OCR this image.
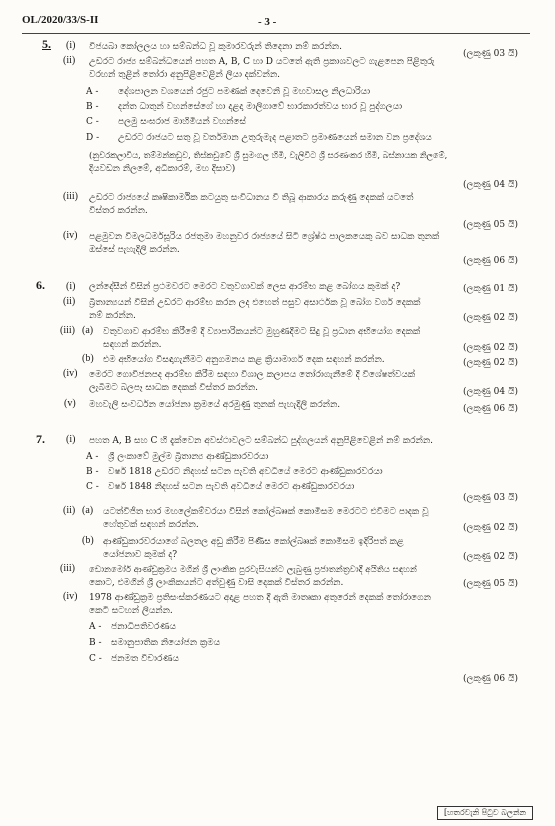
OL/2020/33/S-II	- 3 -
5. (i) විජයබා කෝලලය හා සම්බන්ධ වූ කුමාරවරුන් තිදෙනා නම් කරන්න.
(ලකුණු 03 යි)
(ii) උඩරට රාජ්‍ය සම්බන්ධයෙන් පහත A, B, C හා D යටතේ ඇති ප්‍රකාශවලට ගැළපෙන පිළිතුරු
වරහන් තුළින් තෝරා අනුපිළිවෙළින් ලියා දක්වන්න.
A - දේශපාලන වශයෙන් රජුට පමණක් දෙවෙනි වූ මහවාසල නිලධාරියා
B - දන්ත ධාතුන් වහන්සේගේ හා දළදා මාලිගාවේ භාරකාරත්වය භාර වූ පුද්ගලයා
C - පලමු සංඝරාජ මාහිමියන් වහන්සේ
D - උඩරට රාජයට සතු වූ වර්තමාන උතුරුමැද පළාතට ප්‍රමාණයෙන් සමාන වන ප්‍රදේශය
(නුවරකලාවිය, තම්මන්කඩුව, තිස්කඩුවේ ශ්‍රී සුමංගල හිමි, වැලිවිට ශ්‍රී සරණංකර හිමි, බස්නායක නිලමේ,
දියවඩන නිලමේ, අධිකාරම්, මහ දිසාව)
(ලකුණු 04 යි)
(iii) උඩරට රාජ්‍යයේ කෘෂිකාර්මික කටයුතු සංවිධානය වී තිබූ ආකාරය කරුණු දෙකක් යටතේ
විස්තර කරන්න.
(ලකුණු 05 යි)
(iv) පළමුවන විමලධර්මසූරිය රජතුමා මහනුවර රාජ්‍යයේ සිටි ශ්‍රේෂ්ඨ පාලකයෙකු බව සාධක තුනක්
ඔස්සේ පැහැදිලි කරන්න.
(ලකුණු 06 යි)
6. (i) ලන්දේසීන් විසින් ප්‍රථමවරට මෙරට වතුවගාවක් ලෙස ආරම්භ කළ බෝගය කුමක් ද?	(ලකුණු 01 යි)
(ii) බ්‍රිතාන්‍යයන් විසින් උඩරට ආරම්භ කරන ලද එහෙත් පසුව අසාර්ථක වූ බෝග වර්ග දෙකක්
නම් කරන්න.	(ලකුණු 02 යි)
(iii) (a) වතුවගාව ආරම්භ කිරීමේ දී ව්‍යාපාරිකයන්ට මුහුණදීමට සිදු වූ ප්‍රධාන අභියෝග දෙකක්
සඳහන් කරන්න.	(ලකුණු 02 යි)
(b) එම අභියෝග විසඳාගැනීමට අනුගමනය කළ ක්‍රියාමාර්ග දෙක සඳහන් කරන්න.	(ලකුණු 02 යි)
(iv) මෙරට ගොවිජනපද ආරම්භ කිරීම සඳහා විශාල කලාපය තෝරාගැනීමේ දී විශේෂත්වයක්
ලැබීමට බලපෑ සාධක දෙකක් විස්තර කරන්න.	(ලකුණු 04 යි)
(v) මහවැලි සංවර්ධන යෝජනා ක්‍රමයේ අරමුණු තුනක් පැහැදිලි කරන්න.	(ලකුණු 06 යි)
7. (i) පහත A, B සහ C හි දැක්වෙන අවස්ථාවලට සම්බන්ධ පුද්ගලයන් අනුපිළිවෙළින් නම් කරන්න.
A - ශ්‍රී ලංකාවේ මුල්ම බ්‍රිතාන්‍ය ආණ්ඩුකාරවරයා
B - වර්ෂ 1818 උඩරට නිදහස් සටන පැවති අවධියේ මෙරට ආණ්ඩුකාරවරයා
C - වර්ෂ 1848 නිදහස් සටන පැවති අවධියේ මෙරට ආණ්ඩුකාරවරයා
(ලකුණු 03 යි)
(ii) (a) යටත්විජිත භාර මහලේකම්වරයා විසින් කෝල්බෲක් කොමිසම මෙරටට එවීමට පාදක වූ
හේතුවක් සඳහන් කරන්න.	(ලකුණු 02 යි)
(b) ආණ්ඩුකාරවරයාගේ බලතල අඩු කිරීම පිණිස කෝල්බෲක් කොමිසම ඉදිරිපත් කළ
යෝජනාව කුමක් ද?	(ලකුණු 02 යි)
(iii) ඩොනමෝර් ආණ්ඩුක්‍රමය මගින් ශ්‍රී ලාංකික පුරවැසියන්ට ලැබුණු ප්‍රජාතන්ත්‍රවාදී අයිතිය සඳහන්
කොට, එමගින් ශ්‍රී ලාංකිකයන්ට අත්වුණු වාසි දෙකක් විස්තර කරන්න.	(ලකුණු 05 යි)
(iv) 1978 ආණ්ඩුක්‍රම ප්‍රතිසංස්කරණයට අදාළ පහත දී ඇති මාතෘකා අතුරෙන් දෙකක් තෝරාගෙන
කෙටි සටහන් ලියන්න.
A - ජනාධිපතිවරණය
B - සමානුපාතික නියෝජන ක්‍රමය
C - ජනමත විචාරණය
(ලකුණු 06 යි)
[හතරවැනි පිටුව බලන්න
